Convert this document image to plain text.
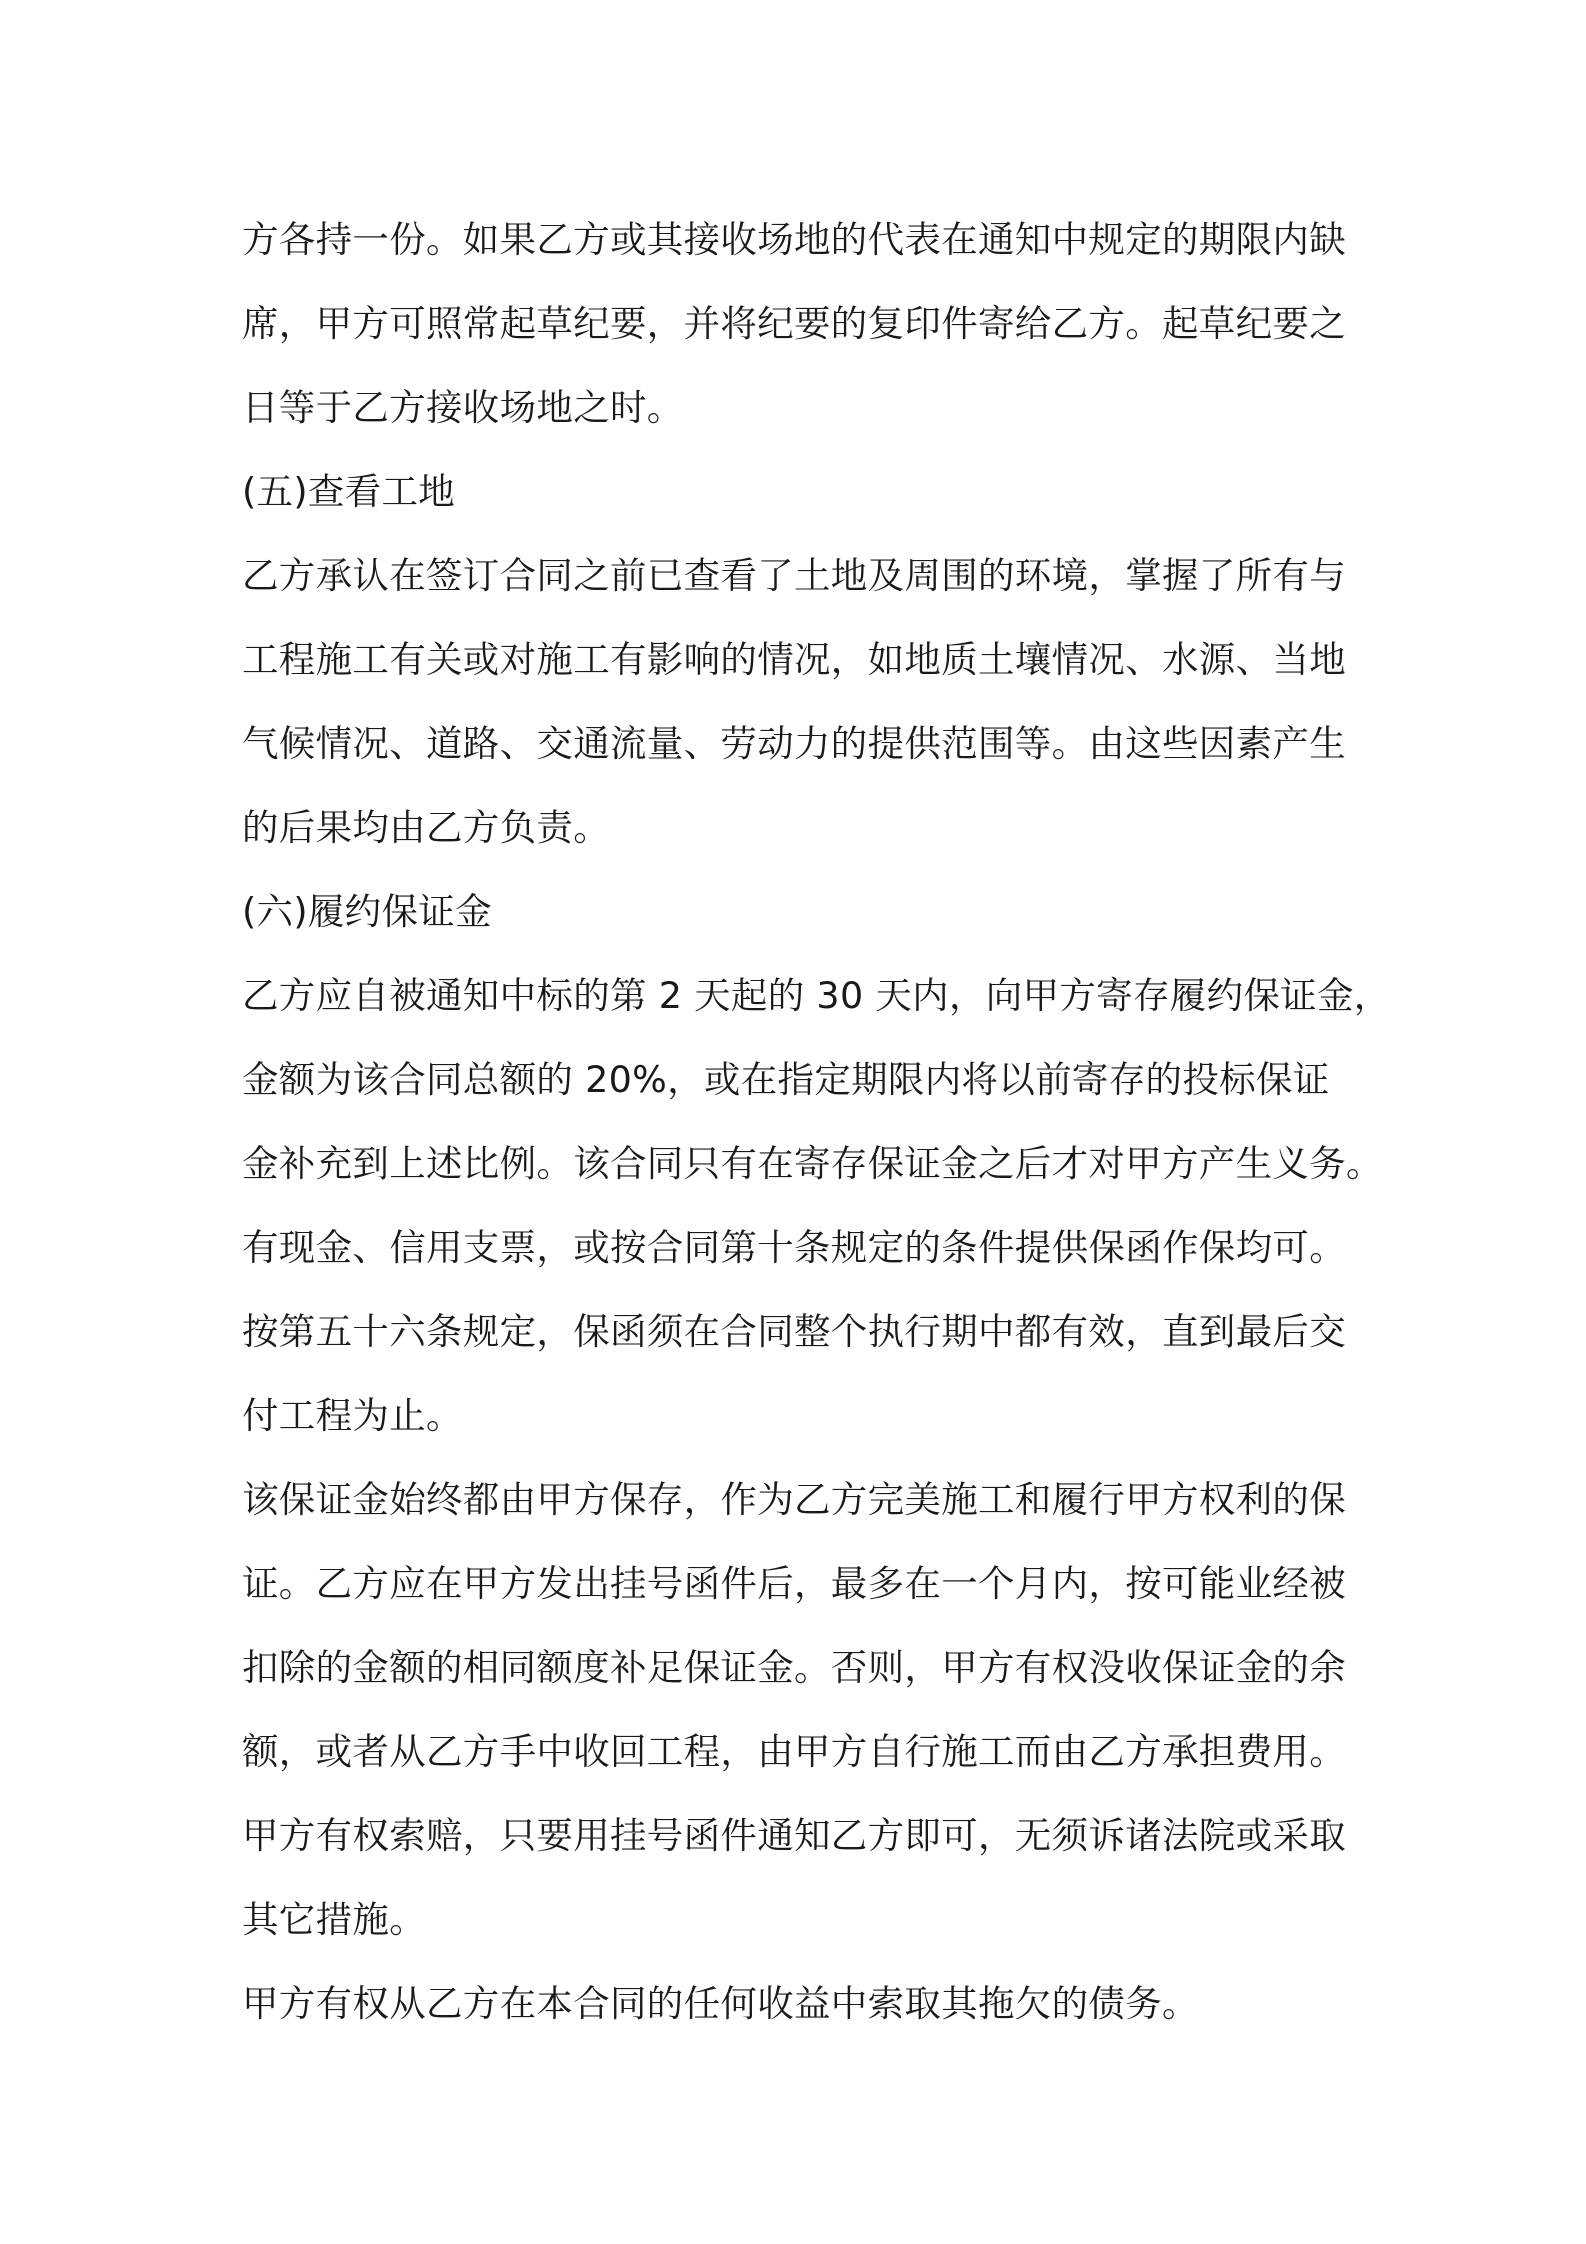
方各持一份。如果乙方或其接收场地的代表在通知中规定的期限内缺
席，甲方可照常起草纪要，并将纪要的复印件寄给乙方。起草纪要之
日等于乙方接收场地之时。
(五)查看工地
乙方承认在签订合同之前已查看了土地及周围的环境，掌握了所有与
工程施工有关或对施工有影响的情况，如地质土壤情况、水源、当地
气候情况、道路、交通流量、劳动力的提供范围等。由这些因素产生
的后果均由乙方负责。
(六)履约保证金
乙方应自被通知中标的第 2 天起的 30 天内，向甲方寄存履约保证金，
金额为该合同总额的 20%，或在指定期限内将以前寄存的投标保证
金补充到上述比例。该合同只有在寄存保证金之后才对甲方产生义务。
有现金、信用支票，或按合同第十条规定的条件提供保函作保均可。
按第五十六条规定，保函须在合同整个执行期中都有效，直到最后交
付工程为止。
该保证金始终都由甲方保存，作为乙方完美施工和履行甲方权利的保
证。乙方应在甲方发出挂号函件后，最多在一个月内，按可能业经被
扣除的金额的相同额度补足保证金。否则，甲方有权没收保证金的余
额，或者从乙方手中收回工程，由甲方自行施工而由乙方承担费用。
甲方有权索赔，只要用挂号函件通知乙方即可，无须诉诸法院或采取
其它措施。
甲方有权从乙方在本合同的任何收益中索取其拖欠的债务。
